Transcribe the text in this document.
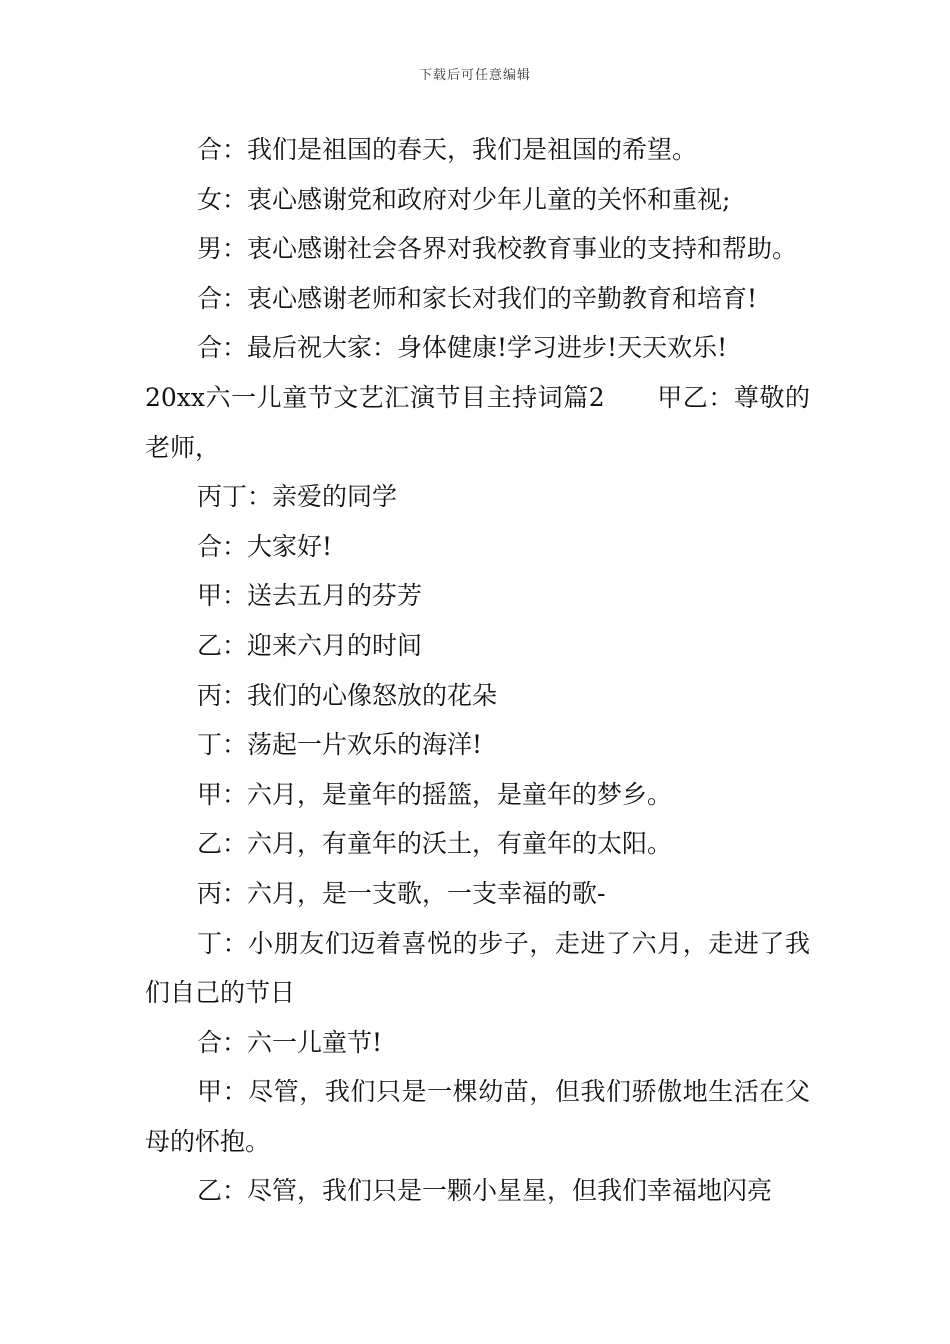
下载后可任意编辑

合：我们是祖国的春天，我们是祖国的希望。

女：衷心感谢党和政府对少年儿童的关怀和重视;

男：衷心感谢社会各界对我校教育事业的支持和帮助。

合：衷心感谢老师和家长对我们的辛勤教育和培育!

合：最后祝大家：身体健康!学习进步!天天欢乐!

20xx六一儿童节文艺汇演节目主持词篇2 甲乙：尊敬的老师，

丙丁：亲爱的同学

合：大家好!

甲：送去五月的芬芳

乙：迎来六月的时间

丙：我们的心像怒放的花朵

丁：荡起一片欢乐的海洋!

甲：六月，是童年的摇篮，是童年的梦乡。

乙：六月，有童年的沃土，有童年的太阳。

丙：六月，是一支歌，一支幸福的歌-

丁：小朋友们迈着喜悦的步子，走进了六月，走进了我们自己的节日

合：六一儿童节!

甲：尽管，我们只是一棵幼苗，但我们骄傲地生活在父母的怀抱。

乙：尽管，我们只是一颗小星星，但我们幸福地闪亮
